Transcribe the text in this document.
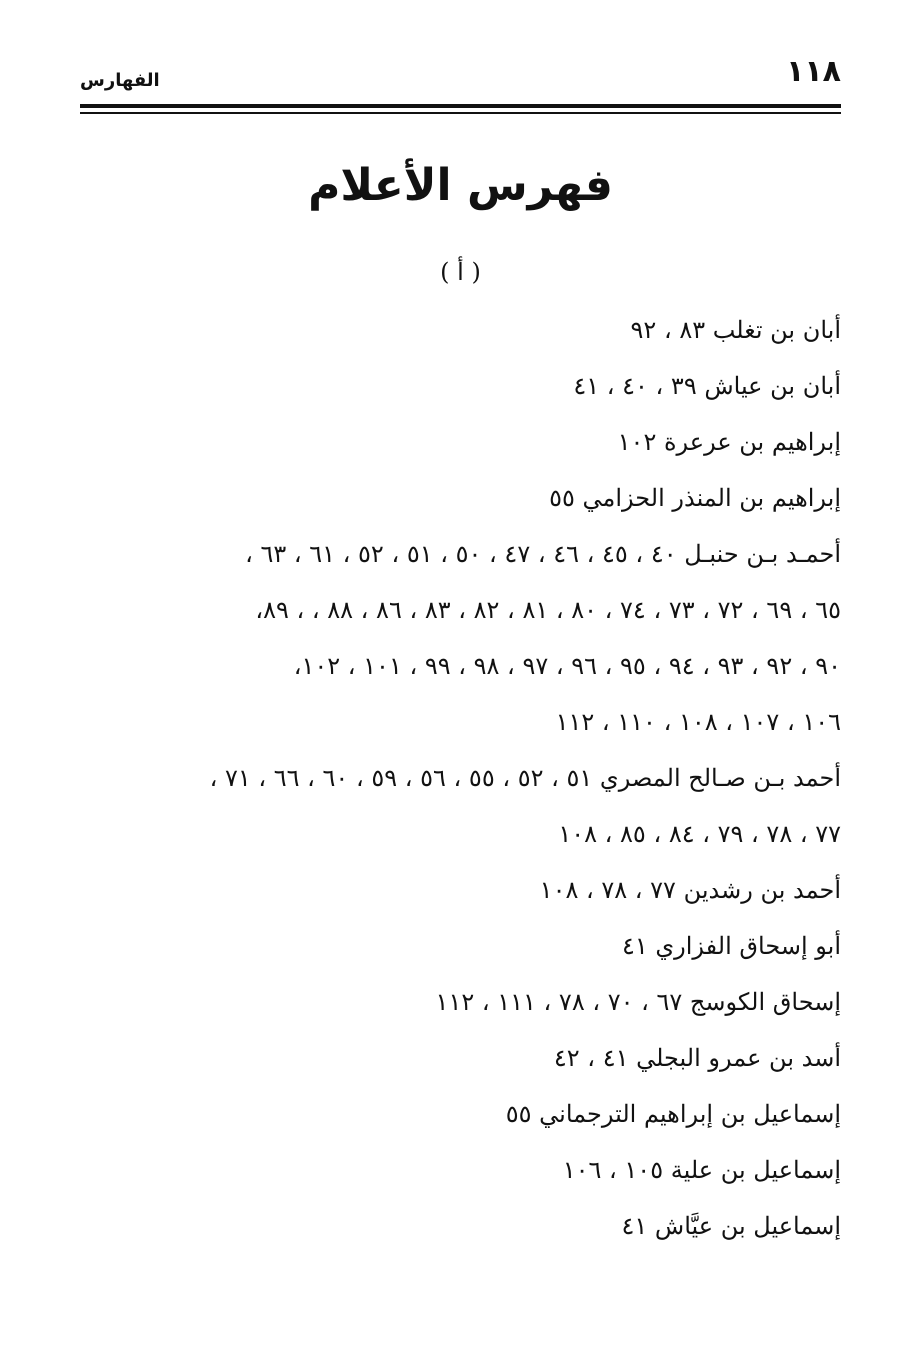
١١٨
الفهارس
فهرس الأعلام
( أ )
أبان بن تغلب ٨٣ ، ٩٢
أبان بن عياش ٣٩ ، ٤٠ ، ٤١
إبراهيم بن عرعرة ١٠٢
إبراهيم بن المنذر الحزامي ٥٥
أحمـد بـن حنبـل ٤٠ ، ٤٥ ، ٤٦ ، ٤٧ ، ٥٠ ، ٥١ ، ٥٢ ، ٦١ ، ٦٣ ،
٦٥ ، ٦٩ ، ٧٢ ، ٧٣ ، ٧٤ ، ٨٠ ، ٨١ ، ٨٢ ، ٨٣ ، ٨٦ ، ٨٨ ، ، ٨٩،
٩٠ ، ٩٢ ، ٩٣ ، ٩٤ ، ٩٥ ، ٩٦ ، ٩٧ ، ٩٨ ، ٩٩ ، ١٠١ ، ١٠٢،
١٠٦ ، ١٠٧ ، ١٠٨ ، ١١٠ ، ١١٢
أحمد بـن صـالح المصري ٥١ ، ٥٢ ، ٥٥ ، ٥٦ ، ٥٩ ، ٦٠ ، ٦٦ ، ٧١ ،
٧٧ ، ٧٨ ، ٧٩ ، ٨٤ ، ٨٥ ، ١٠٨
أحمد بن رشدين ٧٧ ، ٧٨ ، ١٠٨
أبو إسحاق الفزاري ٤١
إسحاق الكوسج ٦٧ ، ٧٠ ، ٧٨ ، ١١١ ، ١١٢
أسد بن عمرو البجلي ٤١ ، ٤٢
إسماعيل بن إبراهيم الترجماني ٥٥
إسماعيل بن علية ١٠٥ ، ١٠٦
إسماعيل بن عيَّاش ٤١
